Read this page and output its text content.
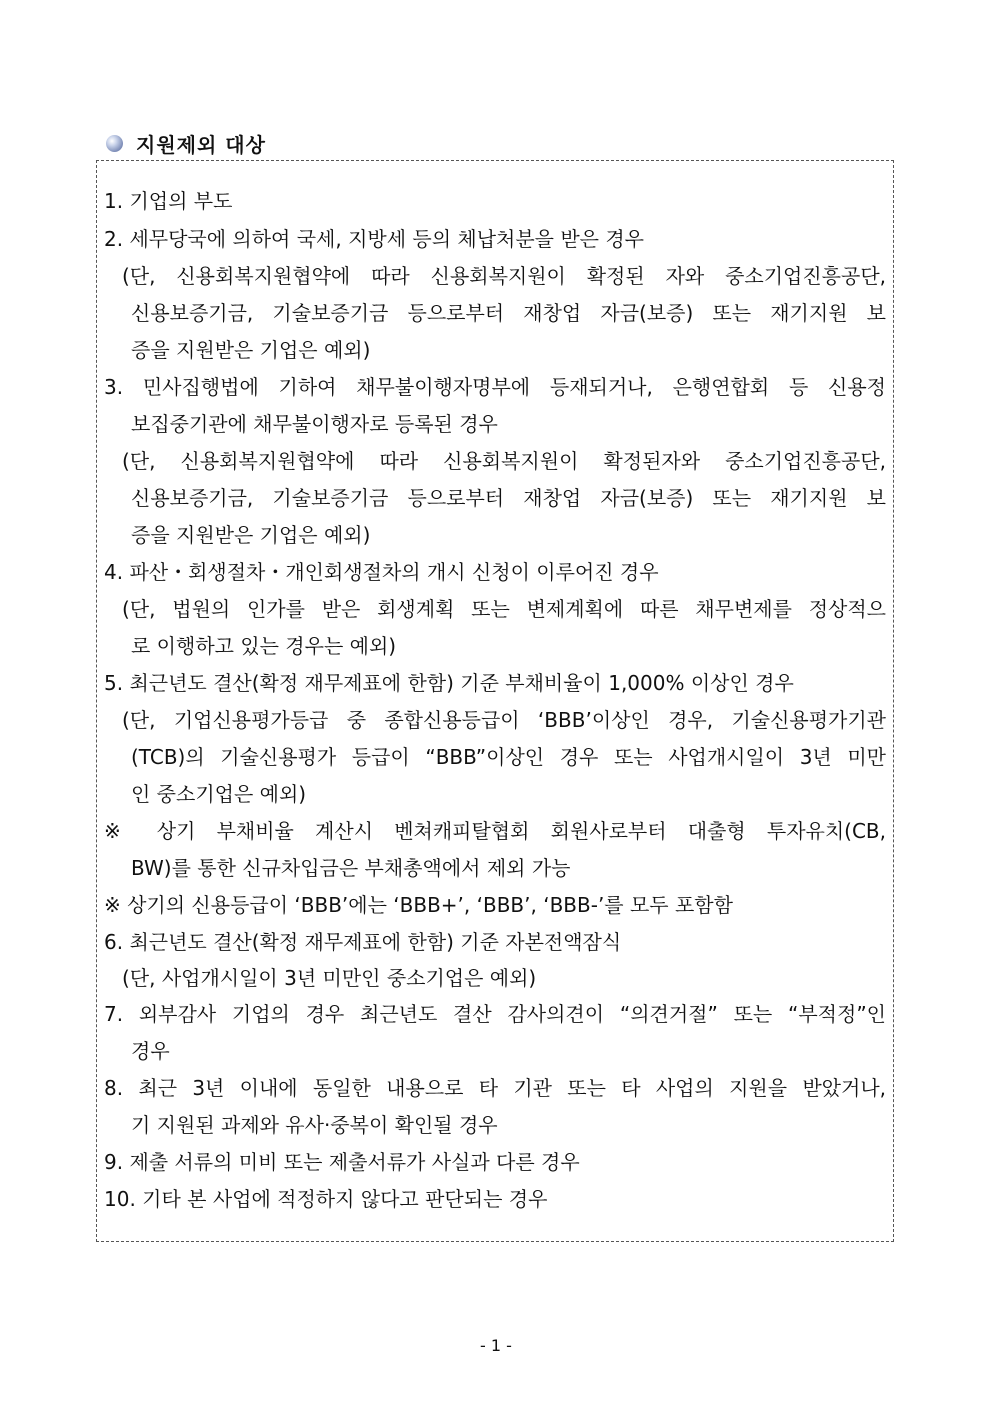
지원제외 대상
1. 기업의 부도
2. 세무당국에 의하여 국세, 지방세 등의 체납처분을 받은 경우
(단, 신용회복지원협약에 따라 신용회복지원이 확정된 자와 중소기업진흥공단,
신용보증기금, 기술보증기금 등으로부터 재창업 자금(보증) 또는 재기지원 보
증을 지원받은 기업은 예외)
3. 민사집행법에 기하여 채무불이행자명부에 등재되거나, 은행연합회 등 신용정
보집중기관에 채무불이행자로 등록된 경우
(단, 신용회복지원협약에 따라 신용회복지원이 확정된자와 중소기업진흥공단,
신용보증기금, 기술보증기금 등으로부터 재창업 자금(보증) 또는 재기지원 보
증을 지원받은 기업은 예외)
4. 파산・회생절차・개인회생절차의 개시 신청이 이루어진 경우
(단, 법원의 인가를 받은 회생계획 또는 변제계획에 따른 채무변제를 정상적으
로 이행하고 있는 경우는 예외)
5. 최근년도 결산(확정 재무제표에 한함) 기준 부채비율이 1,000% 이상인 경우
(단, 기업신용평가등급 중 종합신용등급이 ‘BBB’이상인 경우, 기술신용평가기관
(TCB)의 기술신용평가 등급이 “BBB”이상인 경우 또는 사업개시일이 3년 미만
인 중소기업은 예외)
※ 상기 부채비율 계산시 벤쳐캐피탈협회 회원사로부터 대출형 투자유치(CB,
BW)를 통한 신규차입금은 부채총액에서 제외 가능
※ 상기의 신용등급이 ‘BBB’에는 ‘BBB+’, ‘BBB’, ‘BBB-’를 모두 포함함
6. 최근년도 결산(확정 재무제표에 한함) 기준 자본전액잠식
(단, 사업개시일이 3년 미만인 중소기업은 예외)
7. 외부감사 기업의 경우 최근년도 결산 감사의견이 “의견거절” 또는 “부적정”인
경우
8. 최근 3년 이내에 동일한 내용으로 타 기관 또는 타 사업의 지원을 받았거나,
기 지원된 과제와 유사·중복이 확인될 경우
9. 제출 서류의 미비 또는 제출서류가 사실과 다른 경우
10. 기타 본 사업에 적정하지 않다고 판단되는 경우
- 1 -
